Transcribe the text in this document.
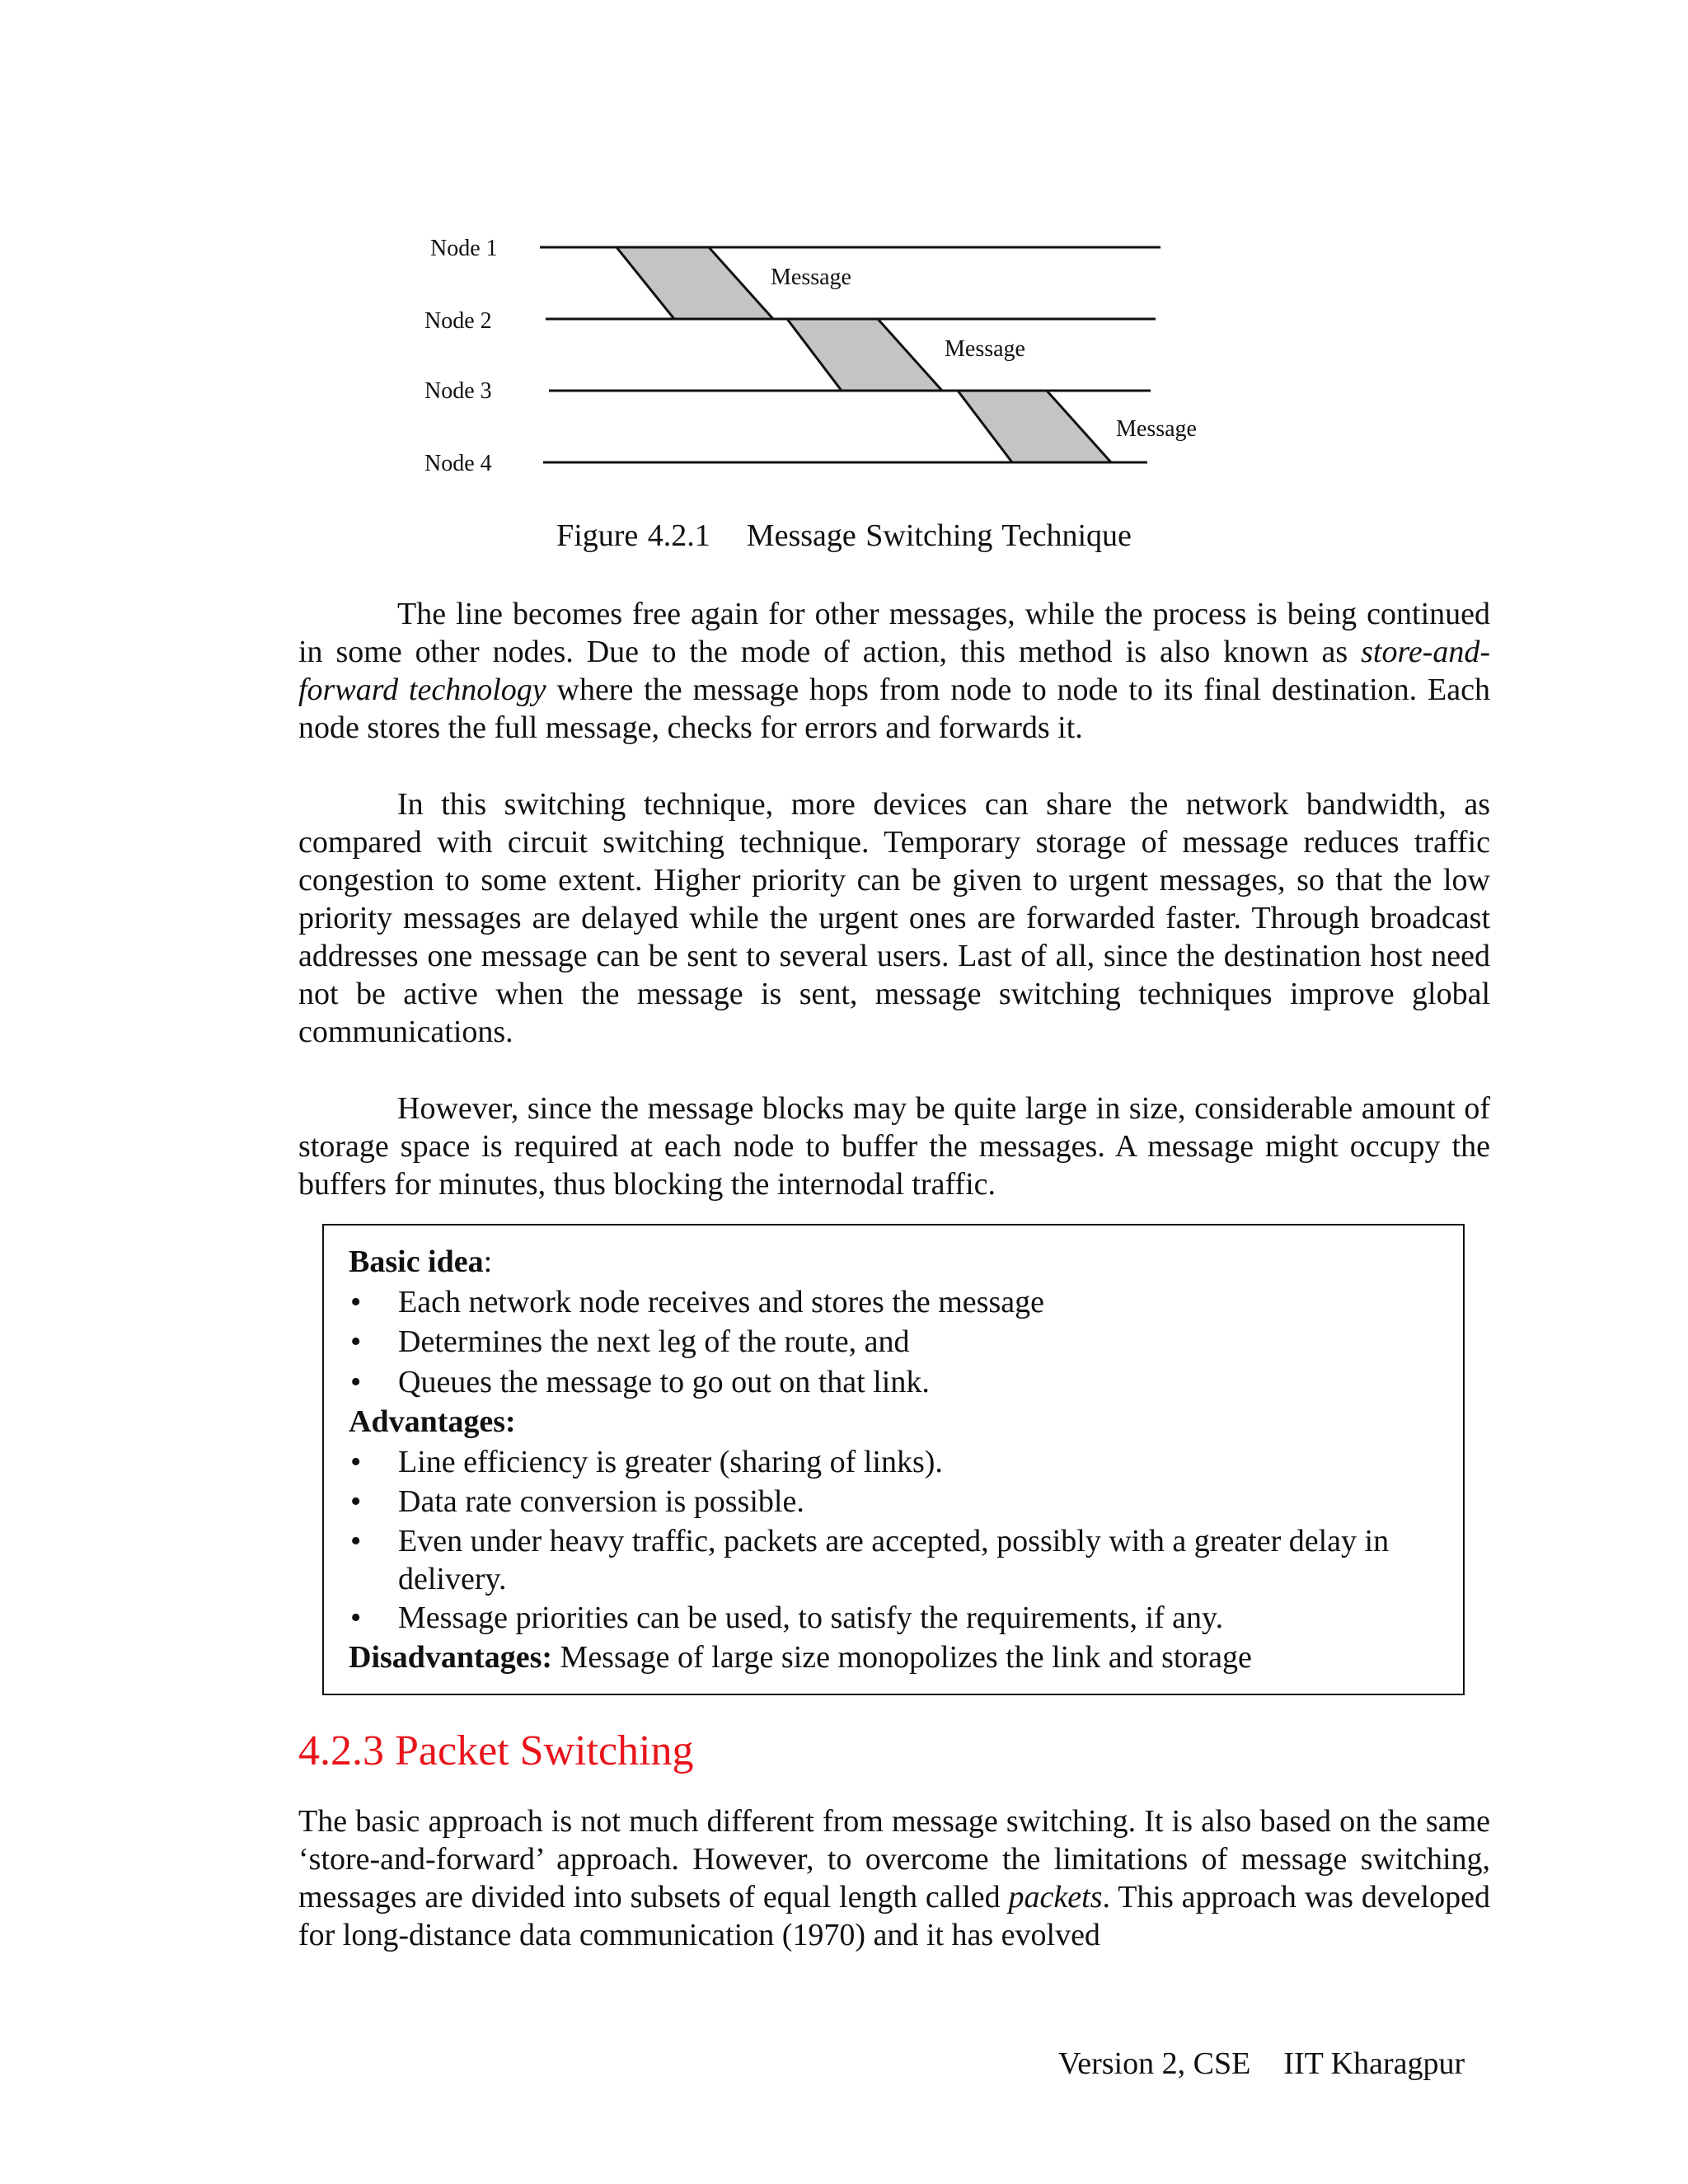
Node 1
Node 2
Node 3
Node 4
Message
Message
Message
Figure 4.2.1 Message Switching Technique

The line becomes free again for other messages, while the process is being continued in some other nodes. Due to the mode of action, this method is also known as store-and-forward technology where the message hops from node to node to its final destination. Each node stores the full message, checks for errors and forwards it.

In this switching technique, more devices can share the network bandwidth, as compared with circuit switching technique. Temporary storage of message reduces traffic congestion to some extent. Higher priority can be given to urgent messages, so that the low priority messages are delayed while the urgent ones are forwarded faster. Through broadcast addresses one message can be sent to several users. Last of all, since the destination host need not be active when the message is sent, message switching techniques improve global communications.

However, since the message blocks may be quite large in size, considerable amount of storage space is required at each node to buffer the messages. A message might occupy the buffers for minutes, thus blocking the internodal traffic.

Basic idea:
• Each network node receives and stores the message
• Determines the next leg of the route, and
• Queues the message to go out on that link.
Advantages:
• Line efficiency is greater (sharing of links).
• Data rate conversion is possible.
• Even under heavy traffic, packets are accepted, possibly with a greater delay in delivery.
• Message priorities can be used, to satisfy the requirements, if any.
Disadvantages: Message of large size monopolizes the link and storage
4.2.3 Packet Switching

The basic approach is not much different from message switching. It is also based on the same ‘store-and-forward’ approach. However, to overcome the limitations of message switching, messages are divided into subsets of equal length called packets. This approach was developed for long-distance data communication (1970) and it has evolved

Version 2, CSE IIT Kharagpur
